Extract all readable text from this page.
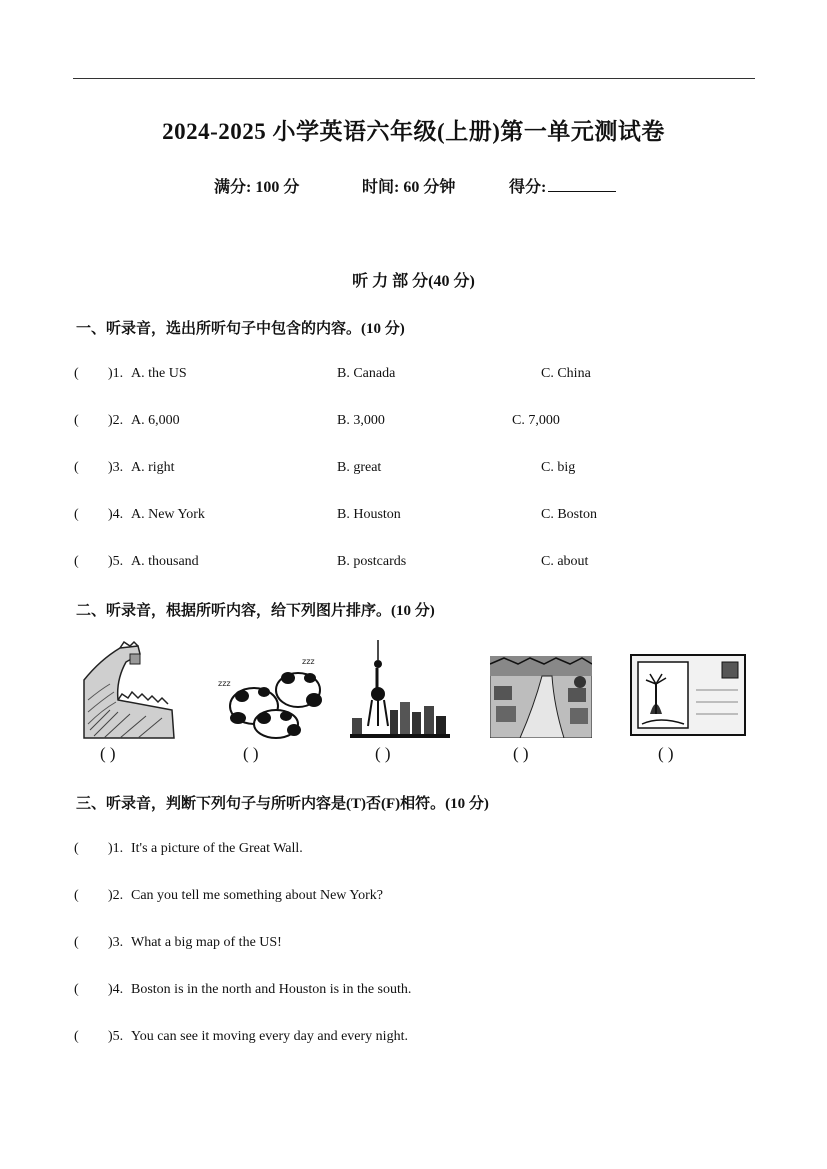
2024-2025 小学英语六年级(上册)第一单元测试卷
满分: 100 分	时间: 60 分钟	得分:
听 力 部 分(40 分)
一、听录音，选出所听句子中包含的内容。(10 分)
( )1. A. the US	B. Canada	C. China
( )2. A. 6,000	B. 3,000	C. 7,000
( )3. A. right	B. great	C. big
( )4. A. New York	B. Houston	C. Boston
( )5. A. thousand	B. postcards	C. about
二、听录音，根据所听内容，给下列图片排序。(10 分)
( )
zzz
zzz
( )	( )	( )	( )
三、听录音，判断下列句子与所听内容是(T)否(F)相符。(10 分)
( )1. It's a picture of the Great Wall.
( )2. Can you tell me something about New York?
( )3. What a big map of the US!
( )4. Boston is in the north and Houston is in the south.
( )5. You can see it moving every day and every night.
